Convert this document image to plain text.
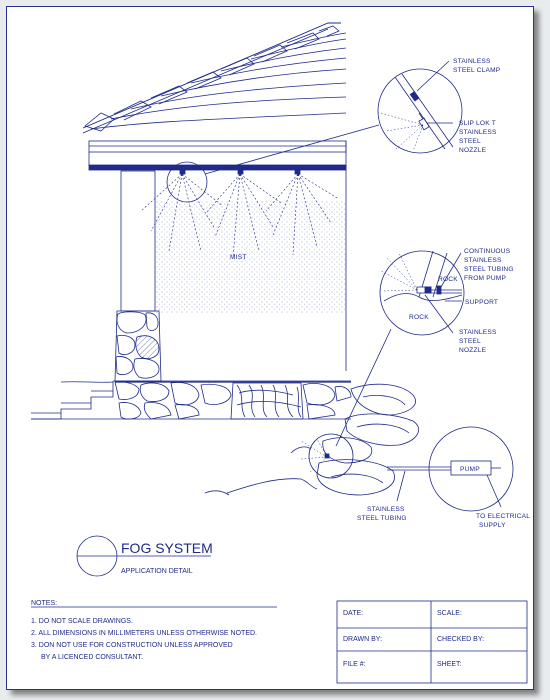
MIST
STAINLESS
STEEL CLAMP
SLIP LOK T
STAINLESS
STEEL
NOZZLE
CONTINUOUS
STAINLESS
STEEL TUBING
FROM PUMP
ROCK
ROCK
SUPPORT
STAINLESS
STEEL
NOZZLE
STAINLESS
STEEL TUBING
PUMP
TO ELECTRICAL
SUPPLY
FOG SYSTEM
APPLICATION DETAIL
NOTES:
1. DO NOT SCALE DRAWINGS.
2. ALL DIMENSIONS IN MILLIMETERS UNLESS OTHERWISE NOTED.
3. DON NOT USE FOR CONSTRUCTION UNLESS APPROVED
BY A LICENCED CONSULTANT.
DATE:	SCALE:
DRAWN BY:	CHECKED BY:
FILE #:	SHEET:
